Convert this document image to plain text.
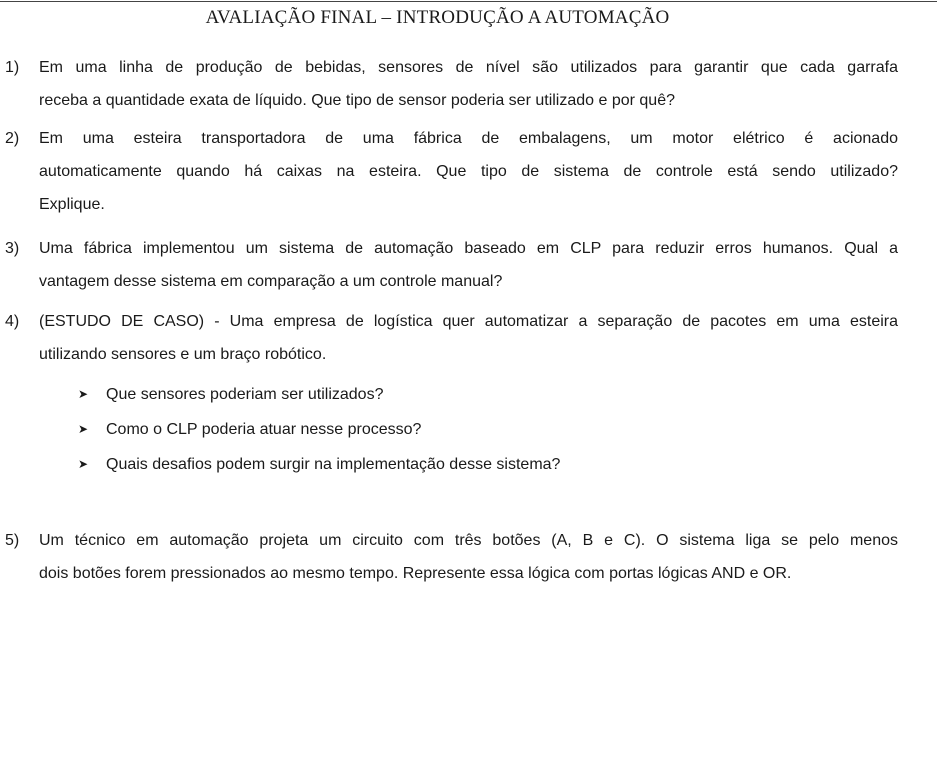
AVALIAÇÃO FINAL – INTRODUÇÃO A AUTOMAÇÃO
1) Em uma linha de produção de bebidas, sensores de nível são utilizados para garantir que cada garrafa
receba a quantidade exata de líquido. Que tipo de sensor poderia ser utilizado e por quê?
2) Em uma esteira transportadora de uma fábrica de embalagens, um motor elétrico é acionado
automaticamente quando há caixas na esteira. Que tipo de sistema de controle está sendo utilizado?
Explique.
3) Uma fábrica implementou um sistema de automação baseado em CLP para reduzir erros humanos. Qual a
vantagem desse sistema em comparação a um controle manual?
4) (ESTUDO DE CASO) - Uma empresa de logística quer automatizar a separação de pacotes em uma esteira
utilizando sensores e um braço robótico.
➤ Que sensores poderiam ser utilizados?
➤ Como o CLP poderia atuar nesse processo?
➤ Quais desafios podem surgir na implementação desse sistema?
5) Um técnico em automação projeta um circuito com três botões (A, B e C). O sistema liga se pelo menos
dois botões forem pressionados ao mesmo tempo. Represente essa lógica com portas lógicas AND e OR.
